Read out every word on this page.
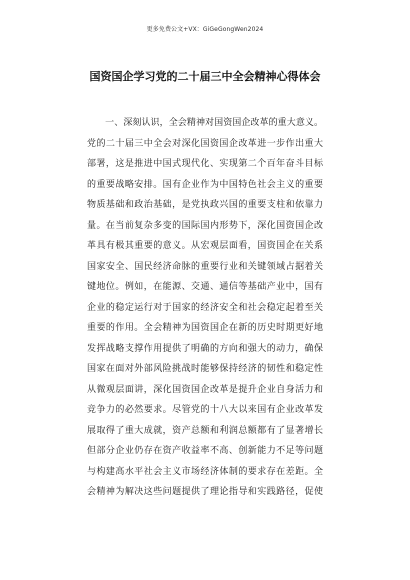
更多免费公文+VX：GiGeGongWen2024
国资国企学习党的二十届三中全会精神心得体会
　　一、深刻认识，全会精神对国资国企改革的重大意义。
党的二十届三中全会对深化国资国企改革进一步作出重大
部署，这是推进中国式现代化、实现第二个百年奋斗目标
的重要战略安排。国有企业作为中国特色社会主义的重要
物质基础和政治基础，是党执政兴国的重要支柱和依靠力
量。在当前复杂多变的国际国内形势下，深化国资国企改
革具有极其重要的意义。从宏观层面看，国资国企在关系
国家安全、国民经济命脉的重要行业和关键领域占据着关
键地位。例如，在能源、交通、通信等基础产业中，国有
企业的稳定运行对于国家的经济安全和社会稳定起着至关
重要的作用。全会精神为国资国企在新的历史时期更好地
发挥战略支撑作用提供了明确的方向和强大的动力，确保
国家在面对外部风险挑战时能够保持经济的韧性和稳定性
从微观层面讲，深化国资国企改革是提升企业自身活力和
竞争力的必然要求。尽管党的十八大以来国有企业改革发
展取得了重大成就，资产总额和利润总额都有了显著增长
但部分企业仍存在资产收益率不高、创新能力不足等问题
与构建高水平社会主义市场经济体制的要求存在差距。全
会精神为解决这些问题提供了理论指导和实践路径，促使
